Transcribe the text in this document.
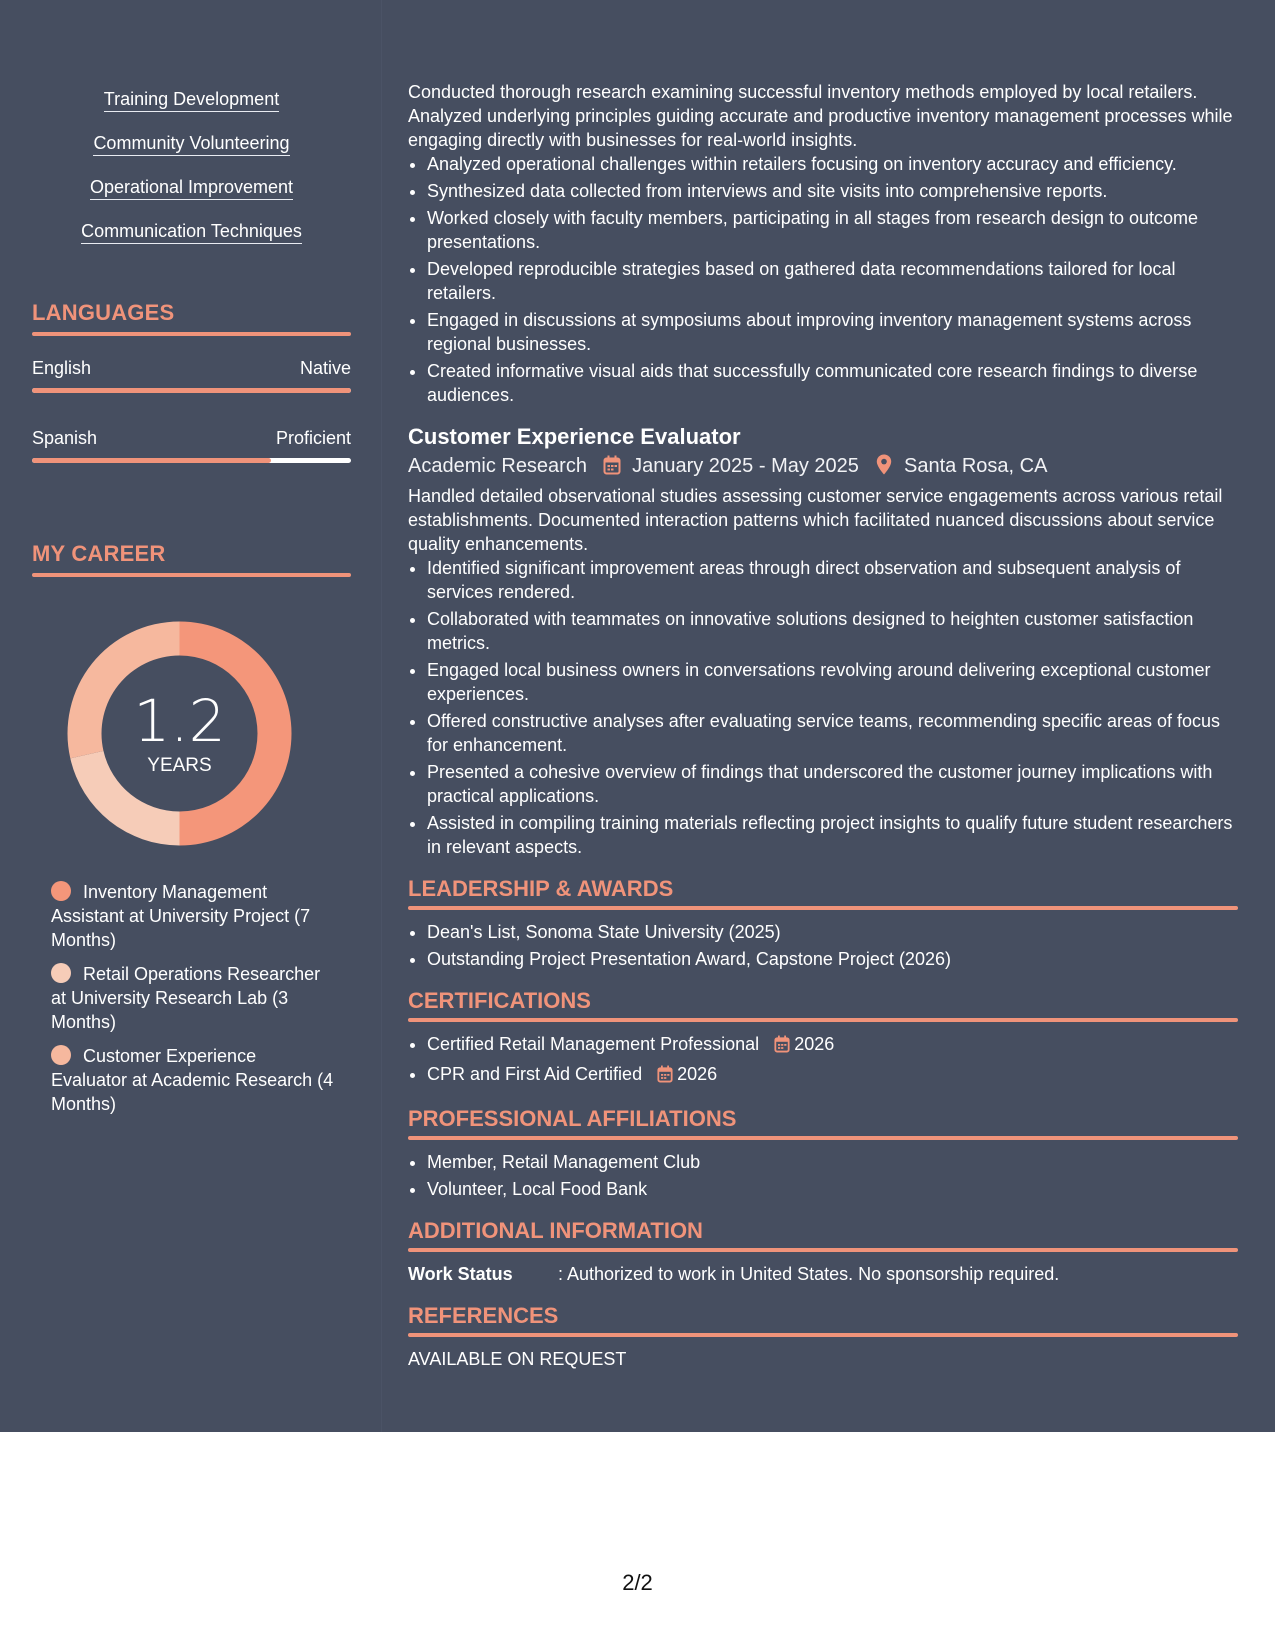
Training Development
Community Volunteering
Operational Improvement
Communication Techniques
LANGUAGES
English	Native
Spanish	Proficient
MY CAREER
1.2
YEARS
Inventory Management Assistant at University Project (7 Months)
Retail Operations Researcher at University Research Lab (3 Months)
Customer Experience Evaluator at Academic Research (4 Months)

Conducted thorough research examining successful inventory methods employed by local retailers. Analyzed underlying principles guiding accurate and productive inventory management processes while engaging directly with businesses for real-world insights.

• Analyzed operational challenges within retailers focusing on inventory accuracy and efficiency.
• Synthesized data collected from interviews and site visits into comprehensive reports.
• Worked closely with faculty members, participating in all stages from research design to outcome presentations.
• Developed reproducible strategies based on gathered data recommendations tailored for local retailers.
• Engaged in discussions at symposiums about improving inventory management systems across regional businesses.
• Created informative visual aids that successfully communicated core research findings to diverse audiences.
Customer Experience Evaluator
Academic Research January 2025 - May 2025 Santa Rosa, CA

Handled detailed observational studies assessing customer service engagements across various retail establishments. Documented interaction patterns which facilitated nuanced discussions about service quality enhancements.

• Identified significant improvement areas through direct observation and subsequent analysis of services rendered.
• Collaborated with teammates on innovative solutions designed to heighten customer satisfaction metrics.
• Engaged local business owners in conversations revolving around delivering exceptional customer experiences.
• Offered constructive analyses after evaluating service teams, recommending specific areas of focus for enhancement.
• Presented a cohesive overview of findings that underscored the customer journey implications with practical applications.
• Assisted in compiling training materials reflecting project insights to qualify future student researchers in relevant aspects.
LEADERSHIP & AWARDS
• Dean's List, Sonoma State University (2025)
• Outstanding Project Presentation Award, Capstone Project (2026)
CERTIFICATIONS
• Certified Retail Management Professional 2026
• CPR and First Aid Certified 2026
PROFESSIONAL AFFILIATIONS
• Member, Retail Management Club
• Volunteer, Local Food Bank
ADDITIONAL INFORMATION
Work Status	: Authorized to work in United States. No sponsorship required.
REFERENCES
AVAILABLE ON REQUEST
2/2
